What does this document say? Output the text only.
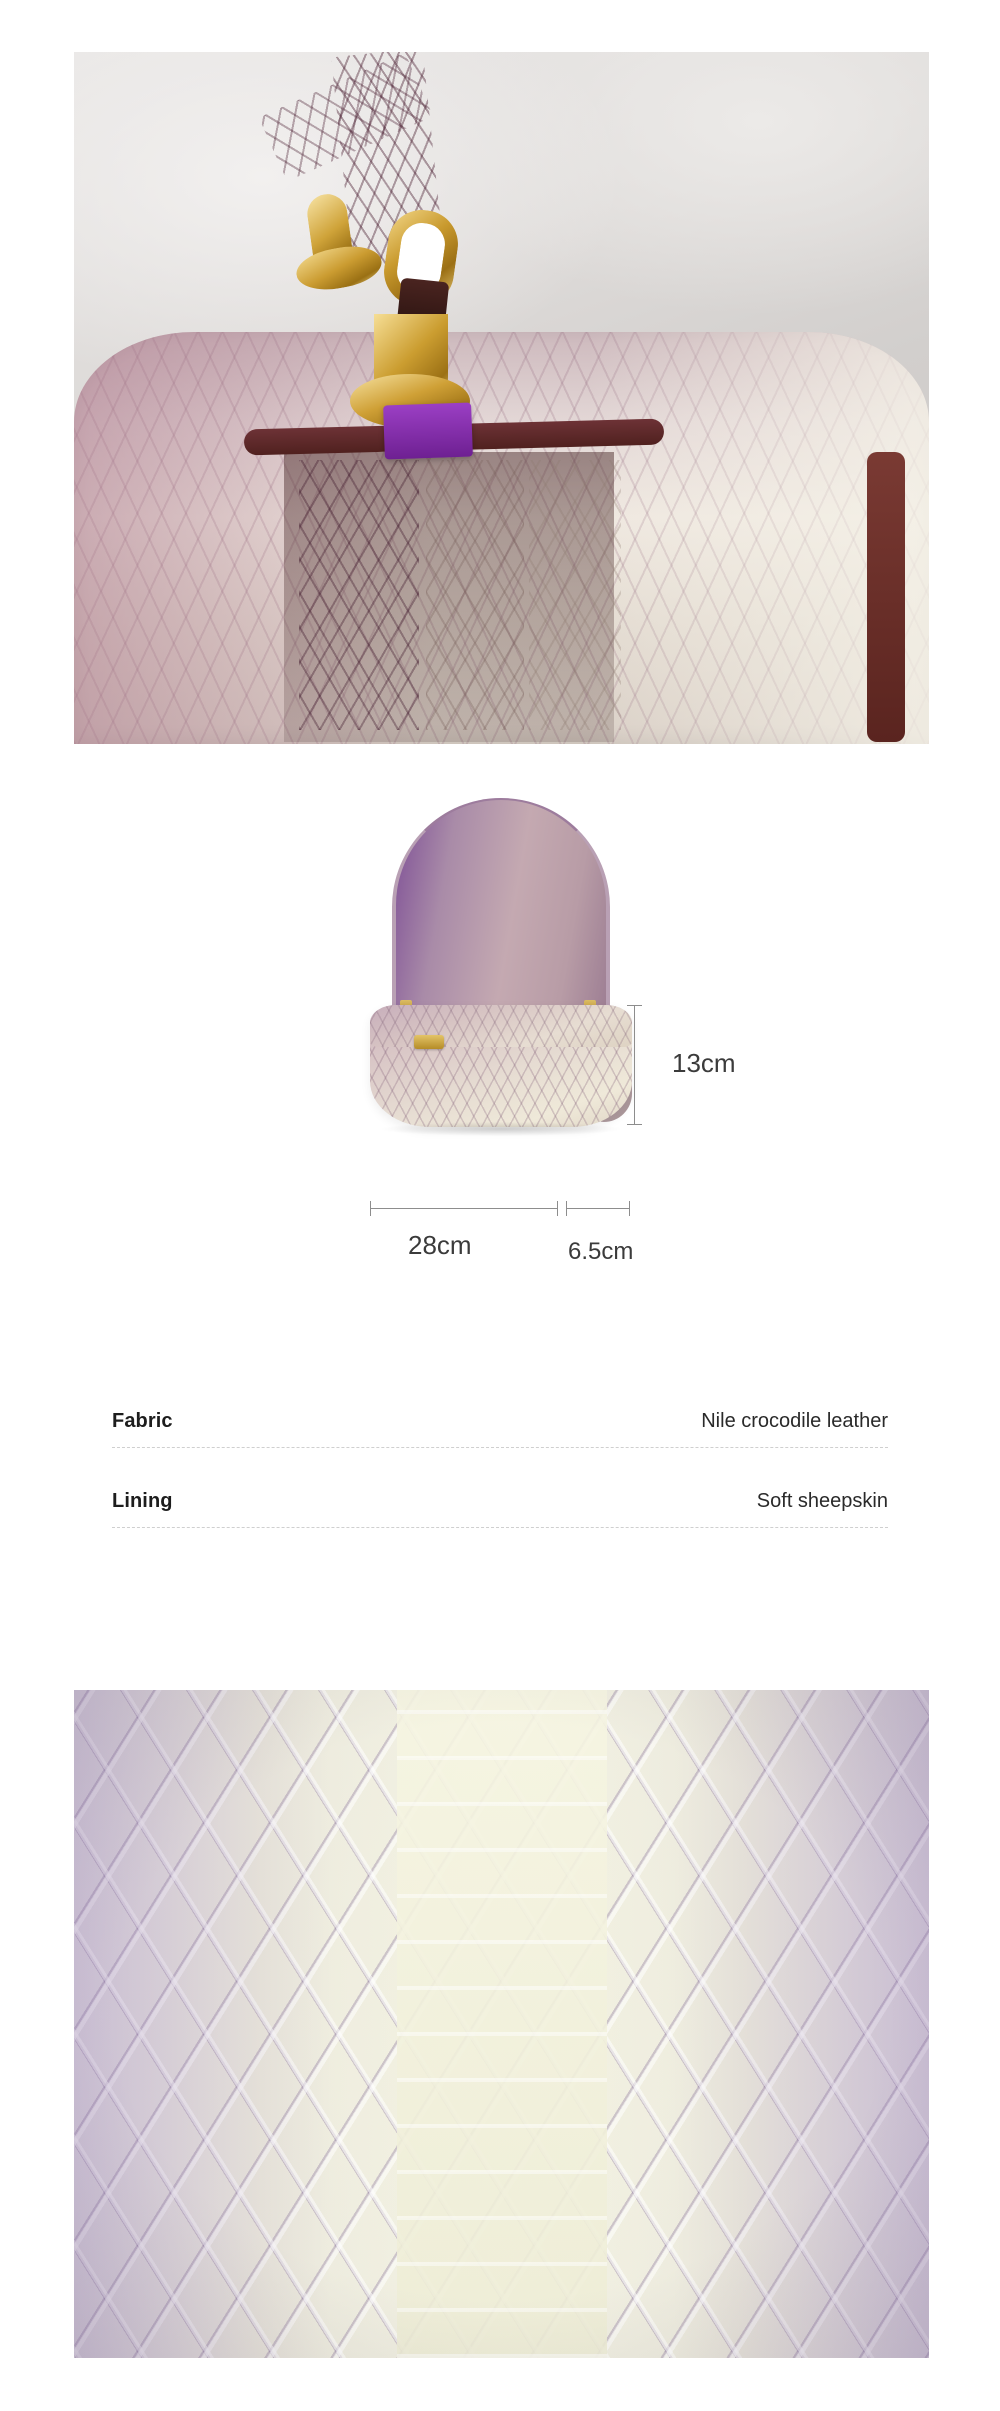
13cm
28cm	6.5cm
Fabric	Nile crocodile leather
Lining	Soft sheepskin
